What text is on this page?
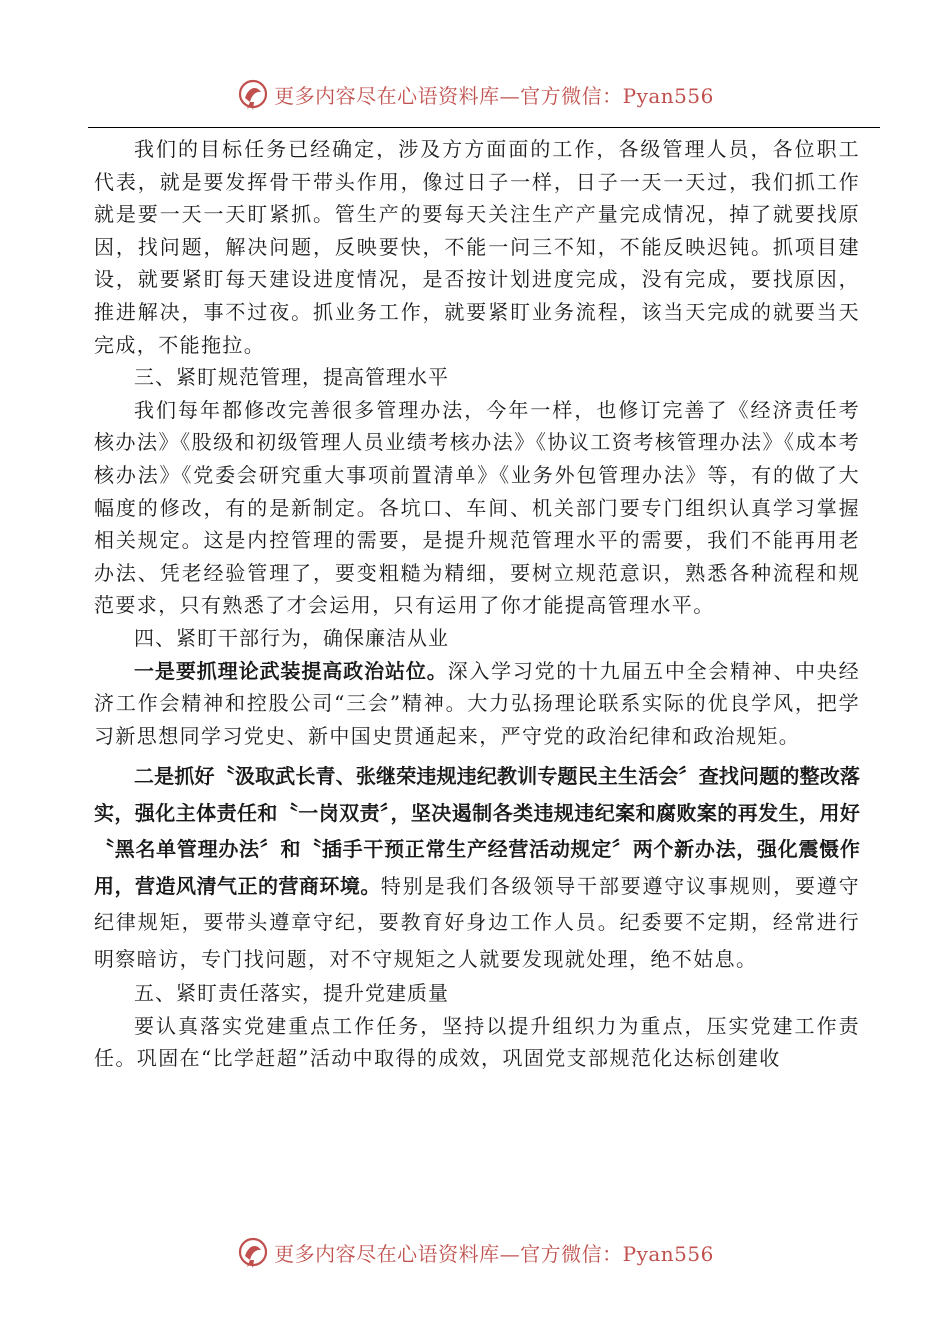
更多内容尽在心语资料库—官方微信：Pyan556

我们的目标任务已经确定，涉及方方面面的工作，各级管理人员，各位职工代表，就是要发挥骨干带头作用，像过日子一样，日子一天一天过，我们抓工作就是要一天一天盯紧抓。管生产的要每天关注生产产量完成情况，掉了就要找原因，找问题，解决问题，反映要快，不能一问三不知，不能反映迟钝。抓项目建设，就要紧盯每天建设进度情况，是否按计划进度完成，没有完成，要找原因，推进解决，事不过夜。抓业务工作，就要紧盯业务流程，该当天完成的就要当天完成，不能拖拉。

三、紧盯规范管理，提高管理水平

我们每年都修改完善很多管理办法，今年一样，也修订完善了《经济责任考核办法》《股级和初级管理人员业绩考核办法》《协议工资考核管理办法》《成本考核办法》《党委会研究重大事项前置清单》《业务外包管理办法》等，有的做了大幅度的修改，有的是新制定。各坑口、车间、机关部门要专门组织认真学习掌握相关规定。这是内控管理的需要，是提升规范管理水平的需要，我们不能再用老办法、凭老经验管理了，要变粗糙为精细，要树立规范意识，熟悉各种流程和规范要求，只有熟悉了才会运用，只有运用了你才能提高管理水平。

四、紧盯干部行为，确保廉洁从业

一是要抓理论武装提高政治站位。深入学习党的十九届五中全会精神、中央经济工作会精神和控股公司“三会”精神。大力弘扬理论联系实际的优良学风，把学习新思想同学习党史、新中国史贯通起来，严守党的政治纪律和政治规矩。

二是抓好〝汲取武长青、张继荣违规违纪教训专题民主生活会〞查找问题的整改落实，强化主体责任和〝一岗双责〞，坚决遏制各类违规违纪案和腐败案的再发生，用好〝黑名单管理办法〞和〝插手干预正常生产经营活动规定〞两个新办法，强化震慑作用，营造风清气正的营商环境。特别是我们各级领导干部要遵守议事规则，要遵守纪律规矩，要带头遵章守纪，要教育好身边工作人员。纪委要不定期，经常进行明察暗访，专门找问题，对不守规矩之人就要发现就处理，绝不姑息。

五、紧盯责任落实，提升党建质量

要认真落实党建重点工作任务，坚持以提升组织力为重点，压实党建工作责任。巩固在“比学赶超”活动中取得的成效，巩固党支部规范化达标创建收

更多内容尽在心语资料库—官方微信：Pyan556
